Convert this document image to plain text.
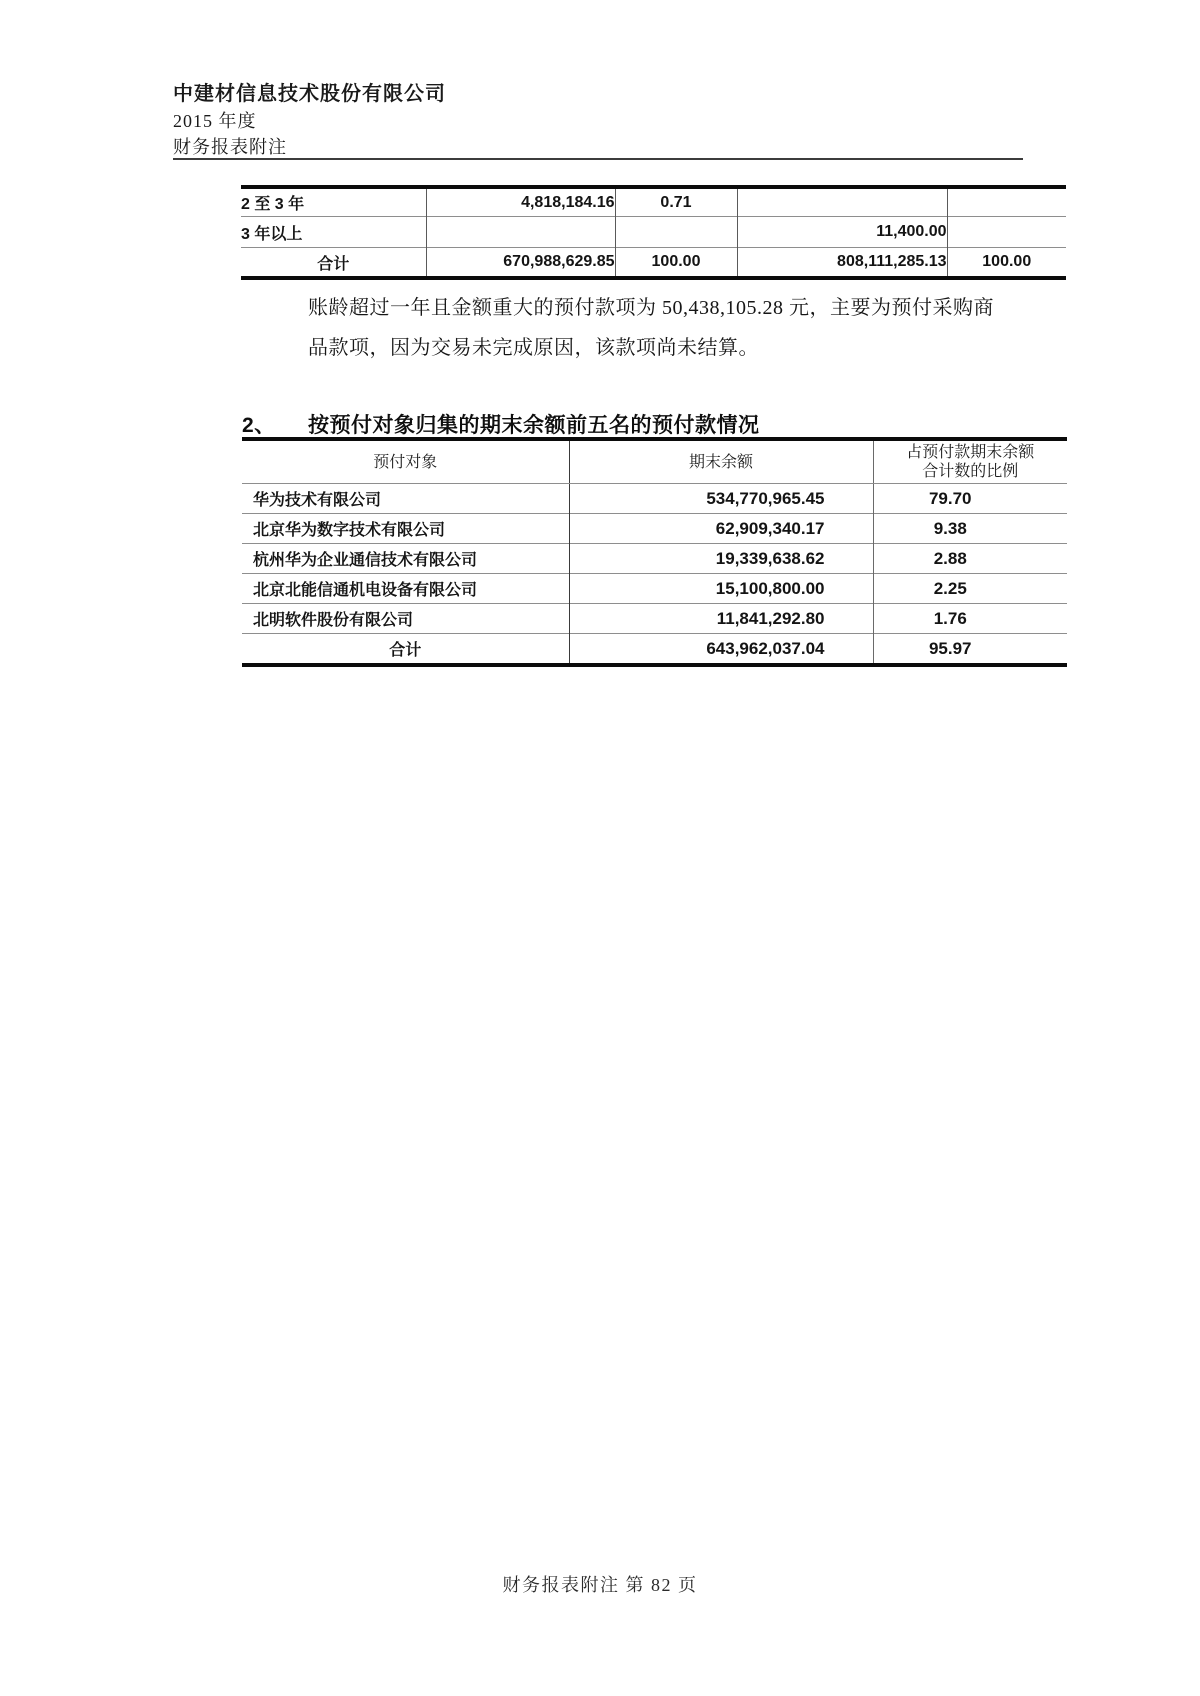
中建材信息技术股份有限公司
2015 年度
财务报表附注
2 至 3 年	4,818,184.16	0.71		
3 年以上			11,400.00	
合计	670,988,629.85	100.00	808,111,285.13	100.00
账龄超过一年且金额重大的预付款项为 50,438,105.28 元，主要为预付采购商
品款项，因为交易未完成原因，该款项尚未结算。
2、 按预付对象归集的期末余额前五名的预付款情况
预付对象	期末余额	占预付款期末余额
合计数的比例

华为技术有限公司	534,770,965.45	79.70
北京华为数字技术有限公司	62,909,340.17	9.38
杭州华为企业通信技术有限公司	19,339,638.62	2.88
北京北能信通机电设备有限公司	15,100,800.00	2.25
北明软件股份有限公司	11,841,292.80	1.76
合计	643,962,037.04	95.97
财务报表附注 第 82 页
